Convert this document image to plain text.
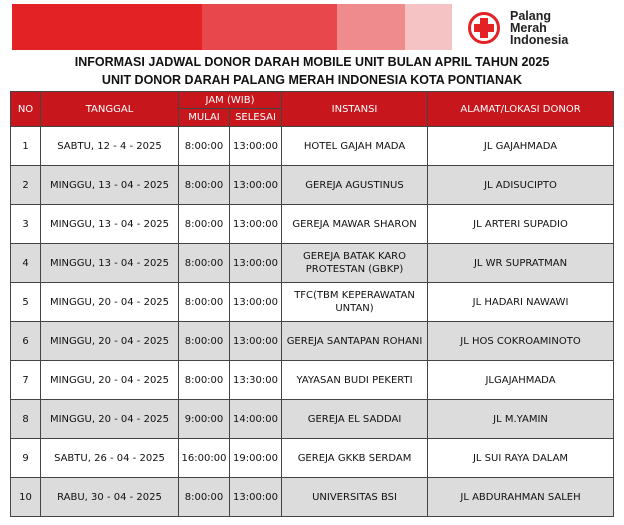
Palang
Merah
Indonesia
INFORMASI JADWAL DONOR DARAH MOBILE UNIT BULAN APRIL TAHUN 2025
UNIT DONOR DARAH PALANG MERAH INDONESIA KOTA PONTIANAK
NO	TANGGAL	JAM (WIB)		INSTANSI	ALAMAT/LOKASI DONOR
		MULAI	SELESAI		
1	SABTU, 12 - 4 - 2025	8:00:00	13:00:00	HOTEL GAJAH MADA	JL GAJAHMADA
2	MINGGU, 13 - 04 - 2025	8:00:00	13:00:00	GEREJA AGUSTINUS	JL ADISUCIPTO
3	MINGGU, 13 - 04 - 2025	8:00:00	13:00:00	GEREJA MAWAR SHARON	JL ARTERI SUPADIO
4	MINGGU, 13 - 04 - 2025	8:00:00	13:00:00	GEREJA BATAK KARO PROTESTAN (GBKP)	JL WR SUPRATMAN
5	MINGGU, 20 - 04 - 2025	8:00:00	13:00:00	TFC(TBM KEPERAWATAN UNTAN)	JL HADARI NAWAWI
6	MINGGU, 20 - 04 - 2025	8:00:00	13:00:00	GEREJA SANTAPAN ROHANI	JL HOS COKROAMINOTO
7	MINGGU, 20 - 04 - 2025	8:00:00	13:30:00	YAYASAN BUDI PEKERTI	JLGAJAHMADA
8	MINGGU, 20 - 04 - 2025	9:00:00	14:00:00	GEREJA EL SADDAI	JL M.YAMIN
9	SABTU, 26 - 04 - 2025	16:00:00	19:00:00	GEREJA GKKB SERDAM	JL SUI RAYA DALAM
10	RABU, 30 - 04 - 2025	8:00:00	13:00:00	UNIVERSITAS BSI	JL ABDURAHMAN SALEH
